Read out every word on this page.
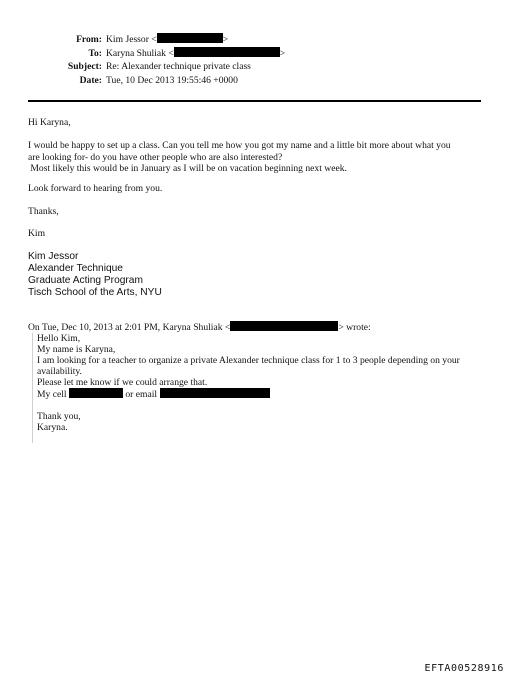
From: Kim Jessor <	>
To: Karyna Shuliak <	>
Subject: Re: Alexander technique private class
Date: Tue, 10 Dec 2013 19:55:46 +0000

Hi Karyna,

I would be happy to set up a class. Can you tell me how you got my name and a little bit more about what you

are looking for- do you have other people who are also interested?

Most likely this would be in January as I will be on vacation beginning next week.

Look forward to hearing from you.

Thanks,

Kim

Kim Jessor
Alexander Technique
Graduate Acting Program
Tisch School of the Arts, NYU
On Tue, Dec 10, 2013 at 2:01 PM, Karyna Shuliak <	> wrote:
Hello Kim,
My name is Karyna,
I am looking for a teacher to organize a private Alexander technique class for 1 to 3 people depending on your
availability.
Please let me know if we could arrange that.
My cell	or email
Thank you,
Karyna.
EFTA00528916
